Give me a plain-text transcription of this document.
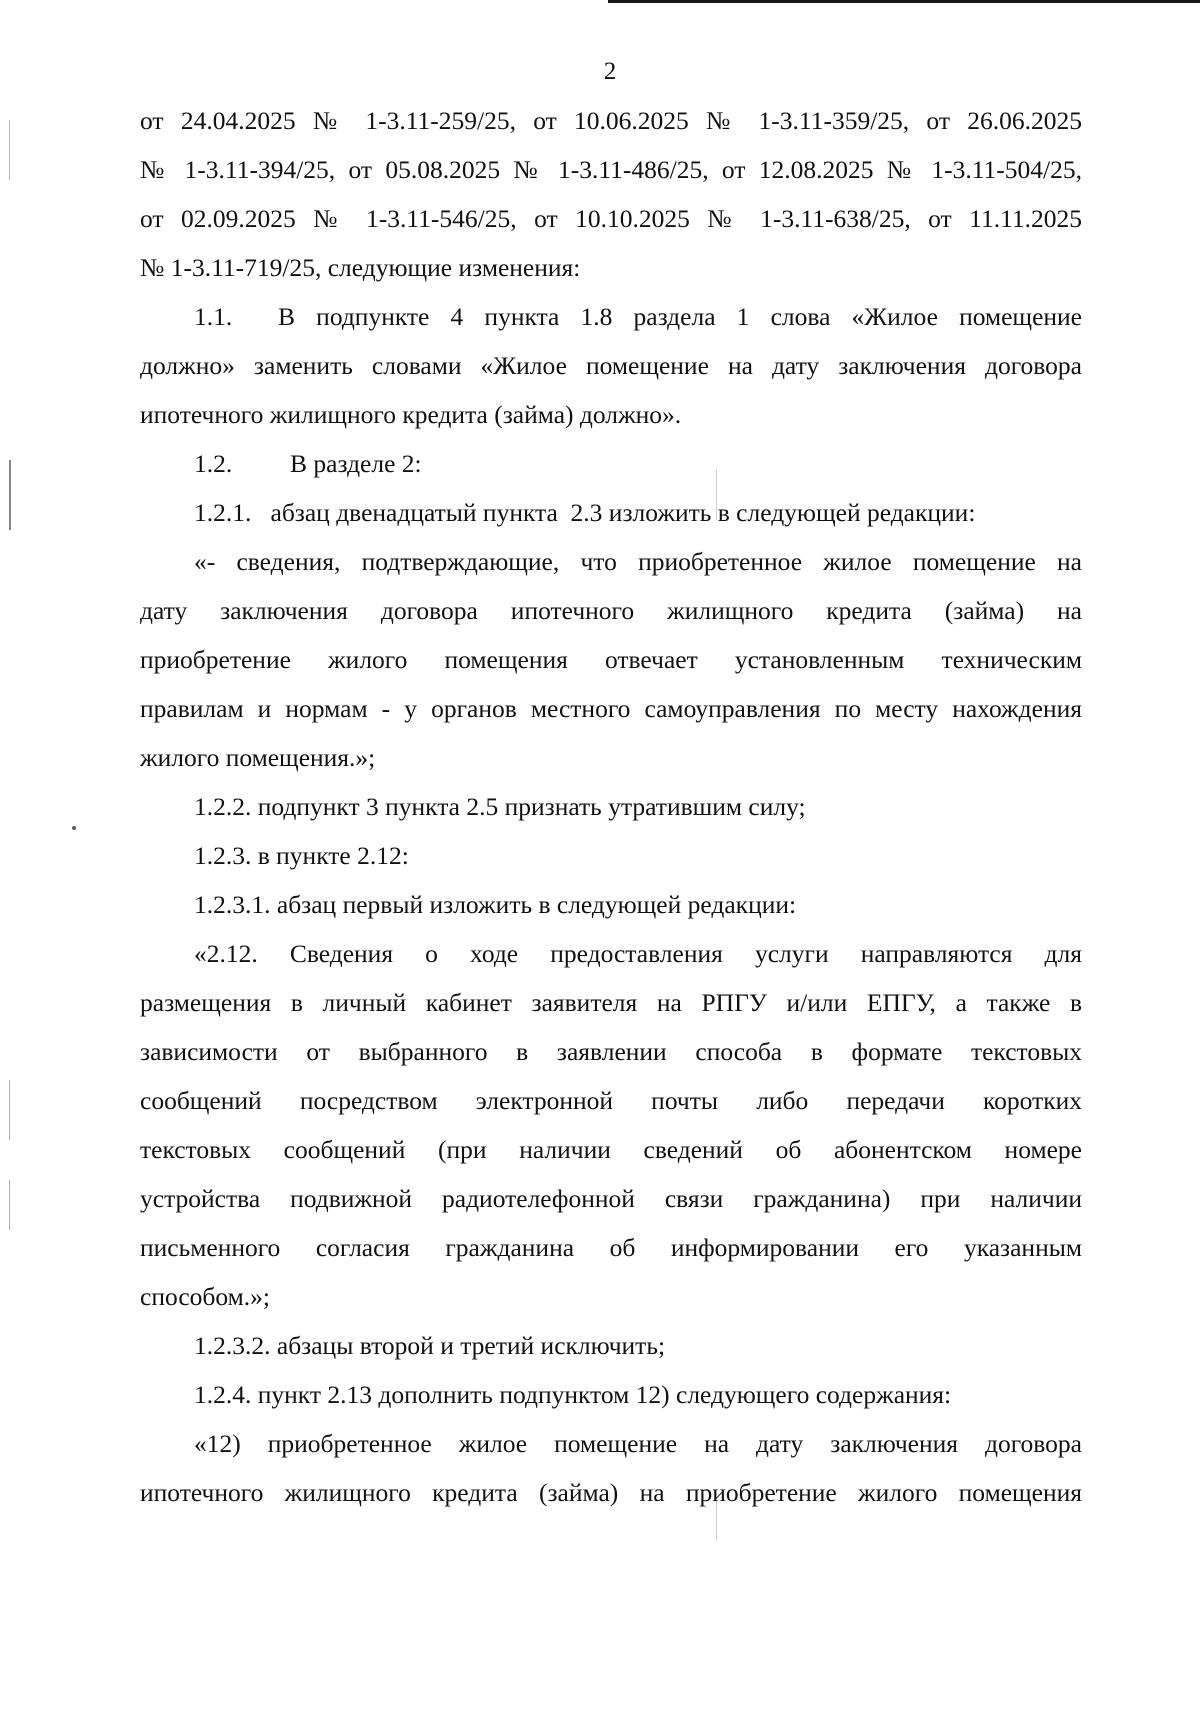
2
от 24.04.2025 № 1-3.11-259/25, от 10.06.2025 № 1-3.11-359/25, от 26.06.2025
№ 1-3.11-394/25, от 05.08.2025 № 1-3.11-486/25, от 12.08.2025 № 1-3.11-504/25,
от 02.09.2025 № 1-3.11-546/25, от 10.10.2025 № 1-3.11-638/25, от 11.11.2025
№ 1-3.11-719/25, следующие изменения:
1.1. В подпункте 4 пункта 1.8 раздела 1 слова «Жилое помещение
должно» заменить словами «Жилое помещение на дату заключения договора
ипотечного жилищного кредита (займа) должно».
1.2. В разделе 2:
1.2.1.   абзац двенадцатый пункта  2.3 изложить в следующей редакции:
«- сведения, подтверждающие, что приобретенное жилое помещение на
дату заключения договора ипотечного жилищного кредита (займа) на
приобретение жилого помещения отвечает установленным техническим
правилам и нормам - у органов местного самоуправления по месту нахождения
жилого помещения.»;
1.2.2. подпункт 3 пункта 2.5 признать утратившим силу;
1.2.3. в пункте 2.12:
1.2.3.1. абзац первый изложить в следующей редакции:
«2.12. Сведения о ходе предоставления услуги направляются для
размещения в личный кабинет заявителя на РПГУ и/или ЕПГУ, а также в
зависимости от выбранного в заявлении способа в формате текстовых
сообщений посредством электронной почты либо передачи коротких
текстовых сообщений (при наличии сведений об абонентском номере
устройства подвижной радиотелефонной связи гражданина) при наличии
письменного согласия гражданина об информировании его указанным
способом.»;
1.2.3.2. абзацы второй и третий исключить;
1.2.4. пункт 2.13 дополнить подпунктом 12) следующего содержания:
«12) приобретенное жилое помещение на дату заключения договора
ипотечного жилищного кредита (займа) на приобретение жилого помещения
